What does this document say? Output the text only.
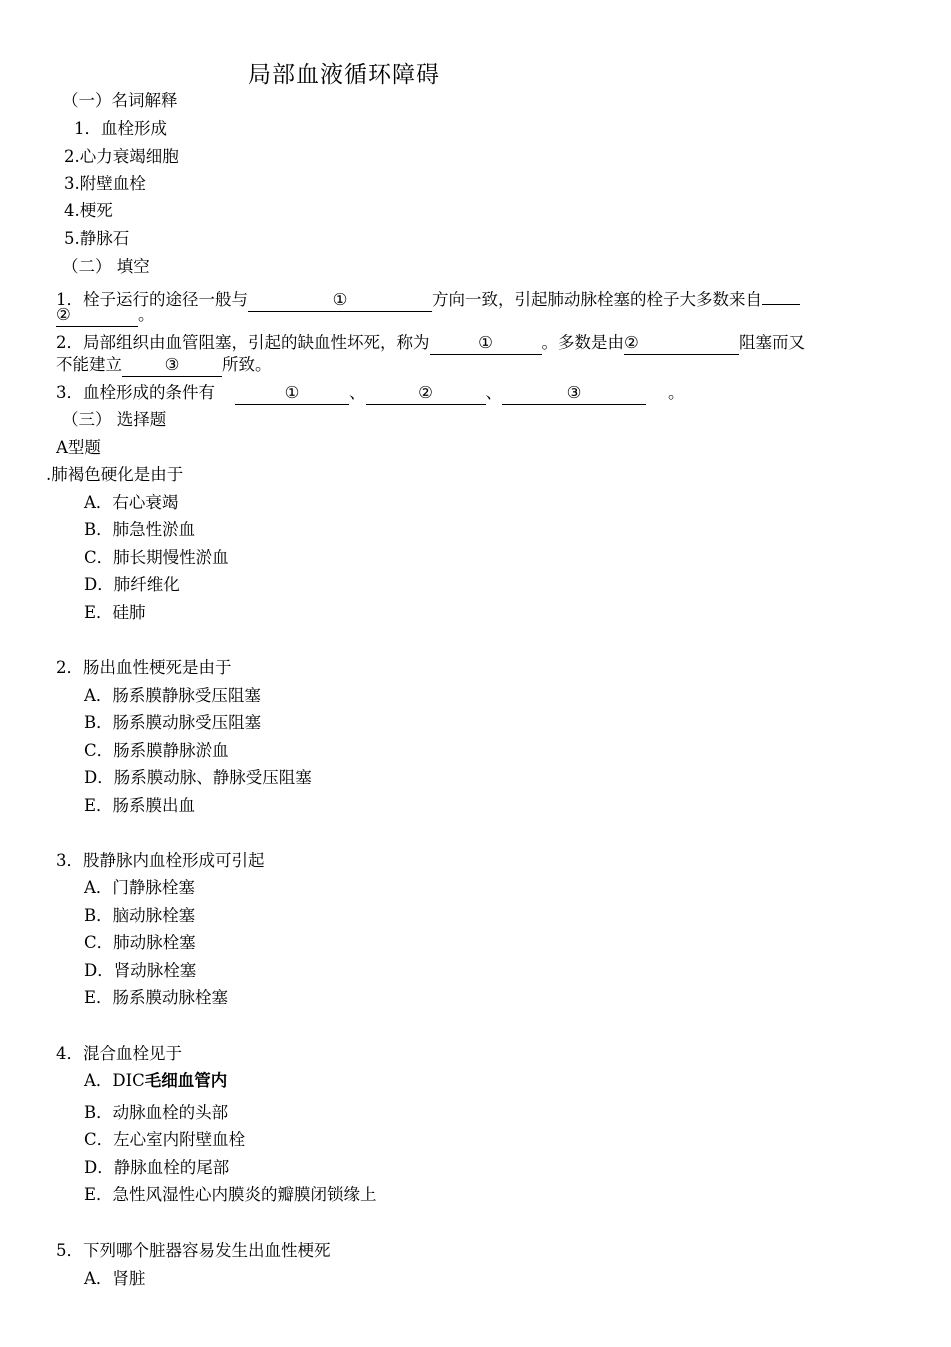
局部血液循环障碍
（一）名词解释
1．血栓形成
2.心力衰竭细胞
3.附壁血栓
4.梗死
5.静脉石
（二） 填空
1．栓子运行的途径一般与	①	方向一致，引起肺动脉栓塞的栓子大多数来自
②	。
2．局部组织由血管阻塞，引起的缺血性坏死，称为	①	。多数是由②	阻塞而又
不能建立	③	所致。
3．血栓形成的条件有	①	、	②	、	③	。
（三） 选择题
A型题
.肺褐色硬化是由于
A．右心衰竭
B．肺急性淤血
C．肺长期慢性淤血
D．肺纤维化
E．硅肺
2．肠出血性梗死是由于
A．肠系膜静脉受压阻塞
B．肠系膜动脉受压阻塞
C．肠系膜静脉淤血
D．肠系膜动脉、静脉受压阻塞
E．肠系膜出血
3．股静脉内血栓形成可引起
A．门静脉栓塞
B．脑动脉栓塞
C．肺动脉栓塞
D．肾动脉栓塞
E．肠系膜动脉栓塞
4．混合血栓见于
A．DIC毛细血管内
B．动脉血栓的头部
C．左心室内附壁血栓
D．静脉血栓的尾部
E．急性风湿性心内膜炎的瓣膜闭锁缘上
5．下列哪个脏器容易发生出血性梗死
A．肾脏
